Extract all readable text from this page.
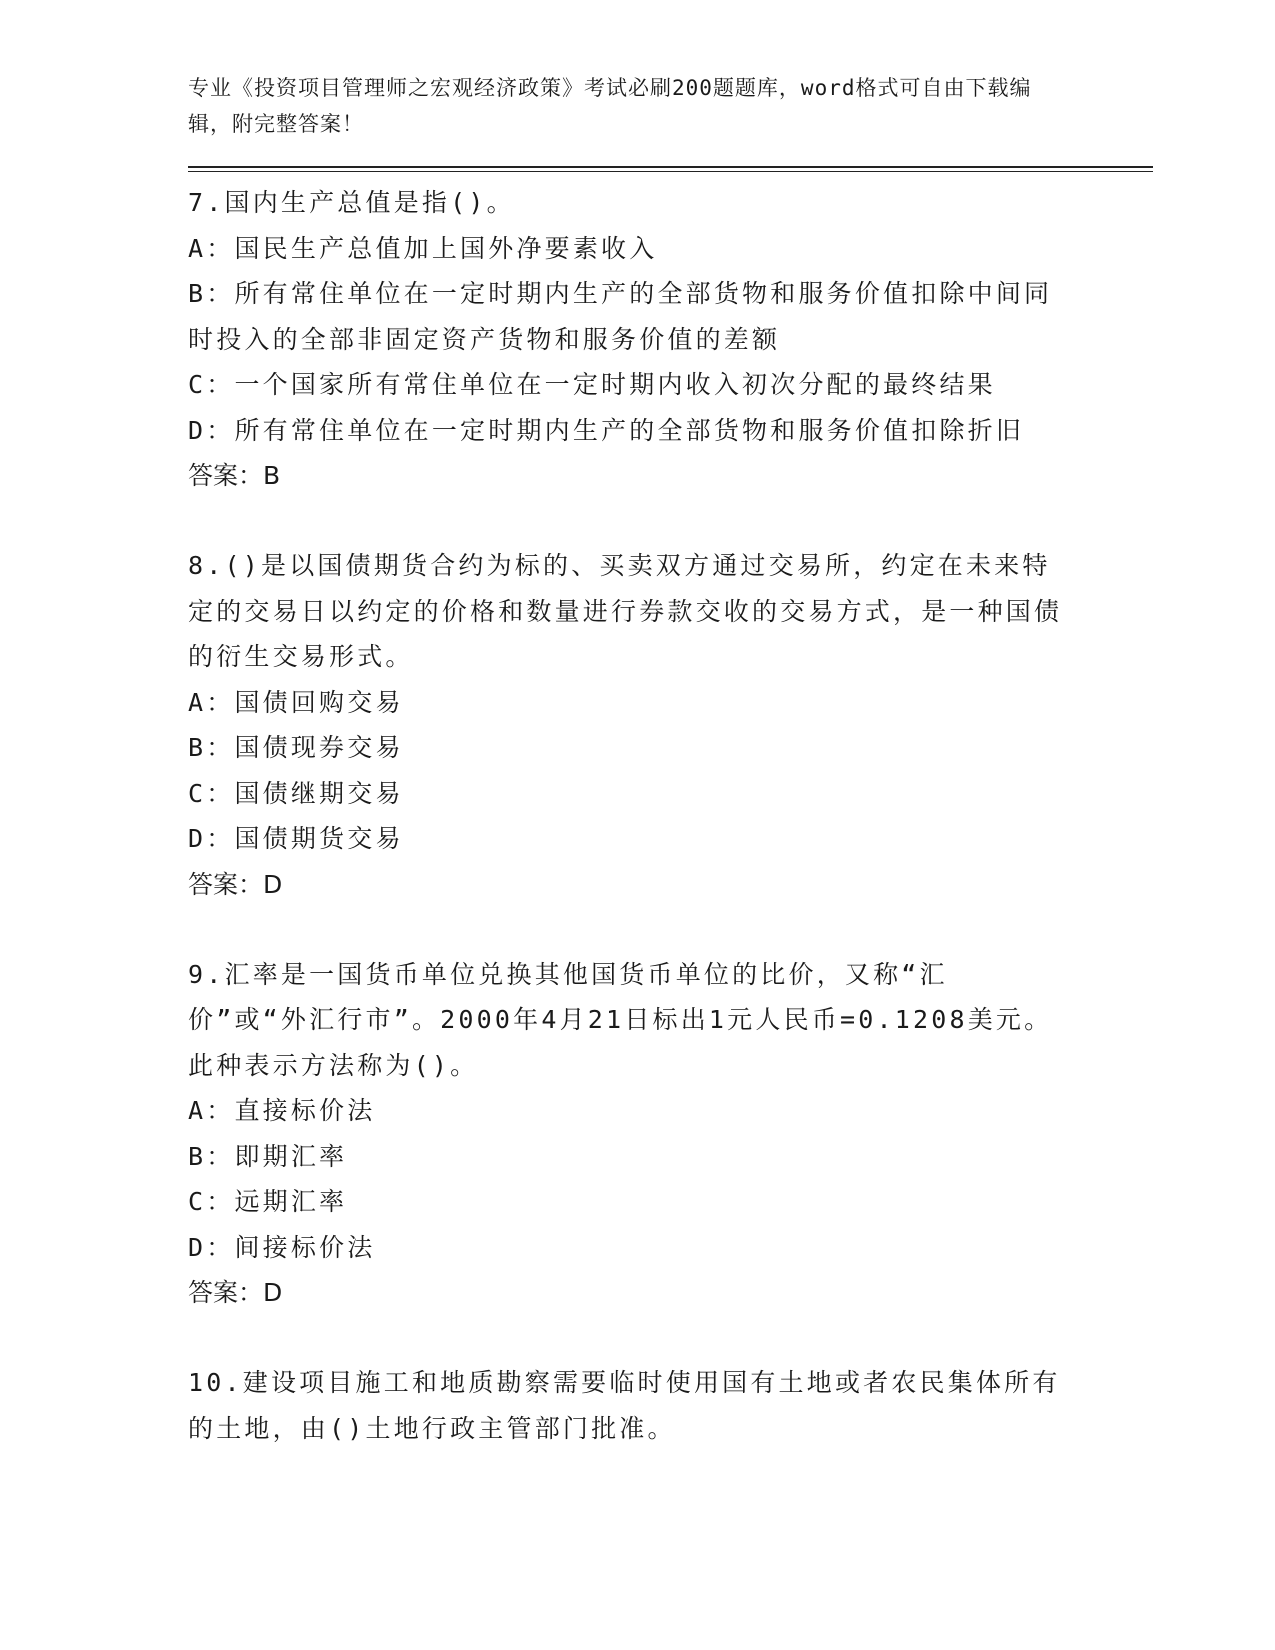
专业《投资项目管理师之宏观经济政策》考试必刷200题题库，word格式可自由下载编辑，附完整答案！

7.国内生产总值是指()。

A：国民生产总值加上国外净要素收入

B：所有常住单位在一定时期内生产的全部货物和服务价值扣除中间同时投入的全部非固定资产货物和服务价值的差额

C：一个国家所有常住单位在一定时期内收入初次分配的最终结果

D：所有常住单位在一定时期内生产的全部货物和服务价值扣除折旧

答案：B

8.()是以国债期货合约为标的、买卖双方通过交易所，约定在未来特定的交易日以约定的价格和数量进行券款交收的交易方式，是一种国债的衍生交易形式。

A：国债回购交易

B：国债现券交易

C：国债继期交易

D：国债期货交易

答案：D

9.汇率是一国货币单位兑换其他国货币单位的比价，又称“汇价”或“外汇行市”。2000年4月21日标出1元人民币=0.1208美元。此种表示方法称为()。

A：直接标价法

B：即期汇率

C：远期汇率

D：间接标价法

答案：D

10.建设项目施工和地质勘察需要临时使用国有土地或者农民集体所有的土地，由()土地行政主管部门批准。
